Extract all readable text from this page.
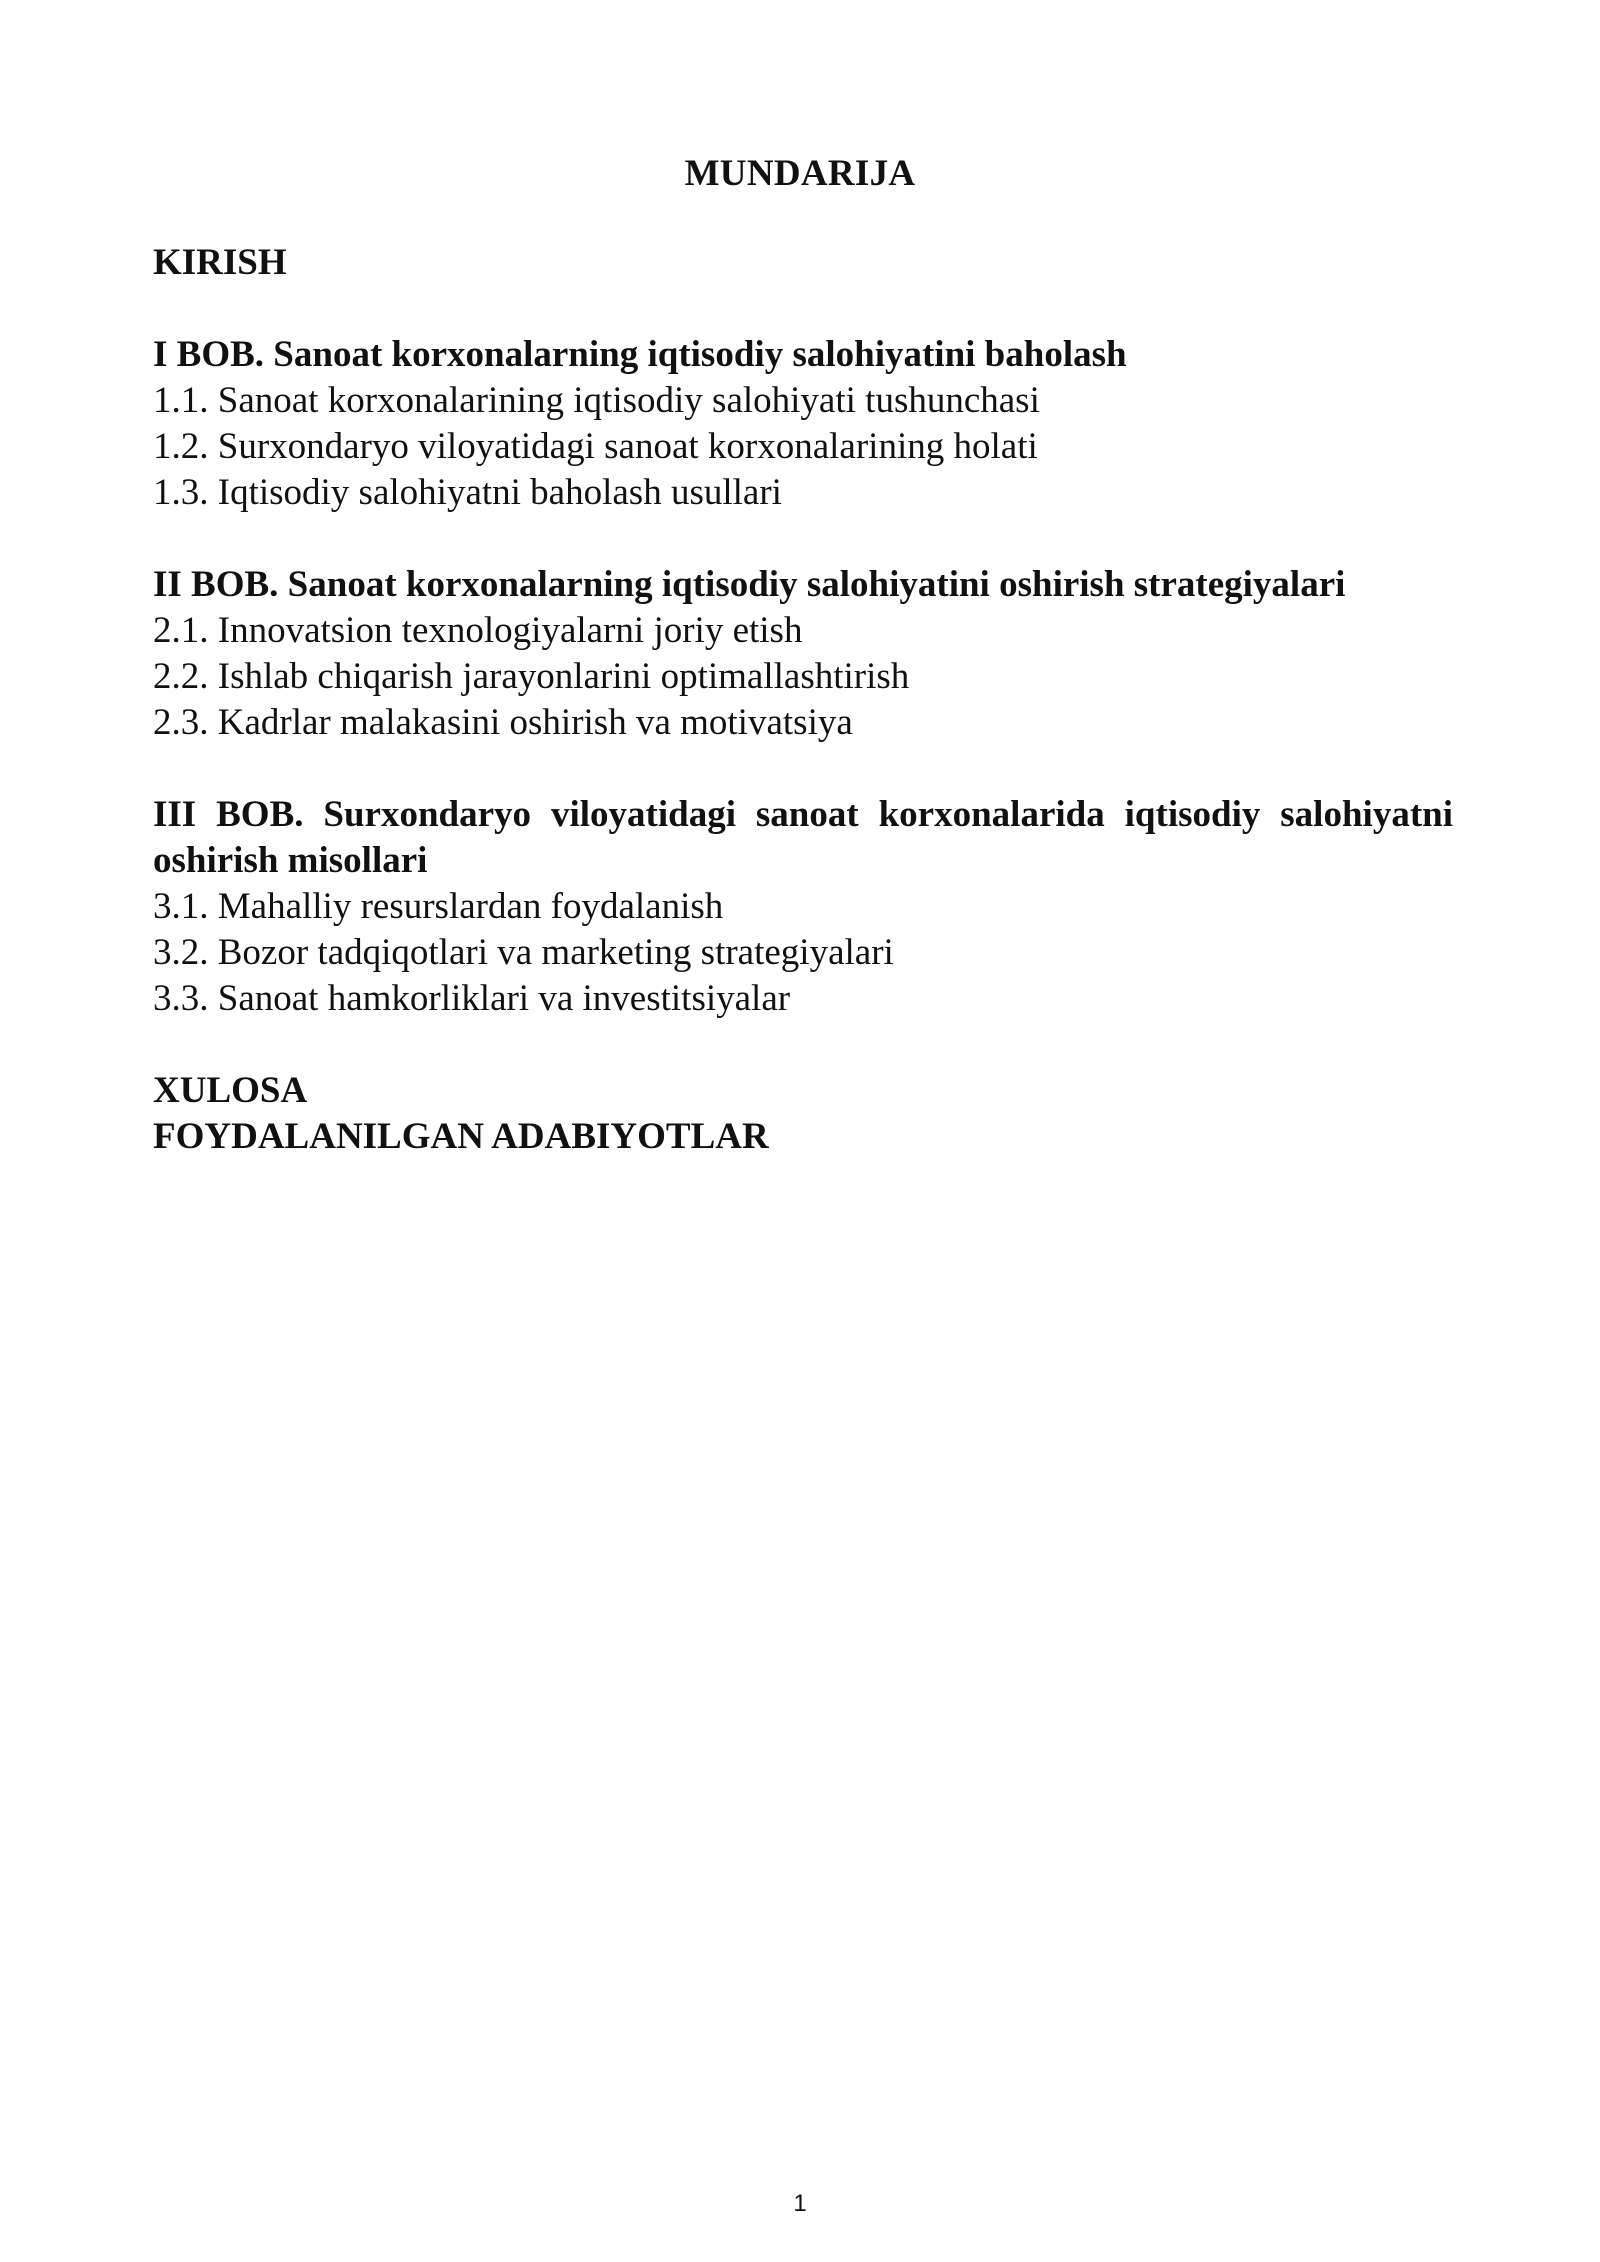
MUNDARIJA
KIRISH
I BOB. Sanoat korxonalarning iqtisodiy salohiyatini baholash
1.1. Sanoat korxonalarining iqtisodiy salohiyati tushunchasi
1.2. Surxondaryo viloyatidagi sanoat korxonalarining holati
1.3. Iqtisodiy salohiyatni baholash usullari
II BOB. Sanoat korxonalarning iqtisodiy salohiyatini oshirish strategiyalari
2.1. Innovatsion texnologiyalarni joriy etish
2.2. Ishlab chiqarish jarayonlarini optimallashtirish
2.3. Kadrlar malakasini oshirish va motivatsiya
III BOB. Surxondaryo viloyatidagi sanoat korxonalarida iqtisodiy salohiyatni oshirish misollari
3.1. Mahalliy resurslardan foydalanish
3.2. Bozor tadqiqotlari va marketing strategiyalari
3.3. Sanoat hamkorliklari va investitsiyalar
XULOSA
FOYDALANILGAN ADABIYOTLAR
1
